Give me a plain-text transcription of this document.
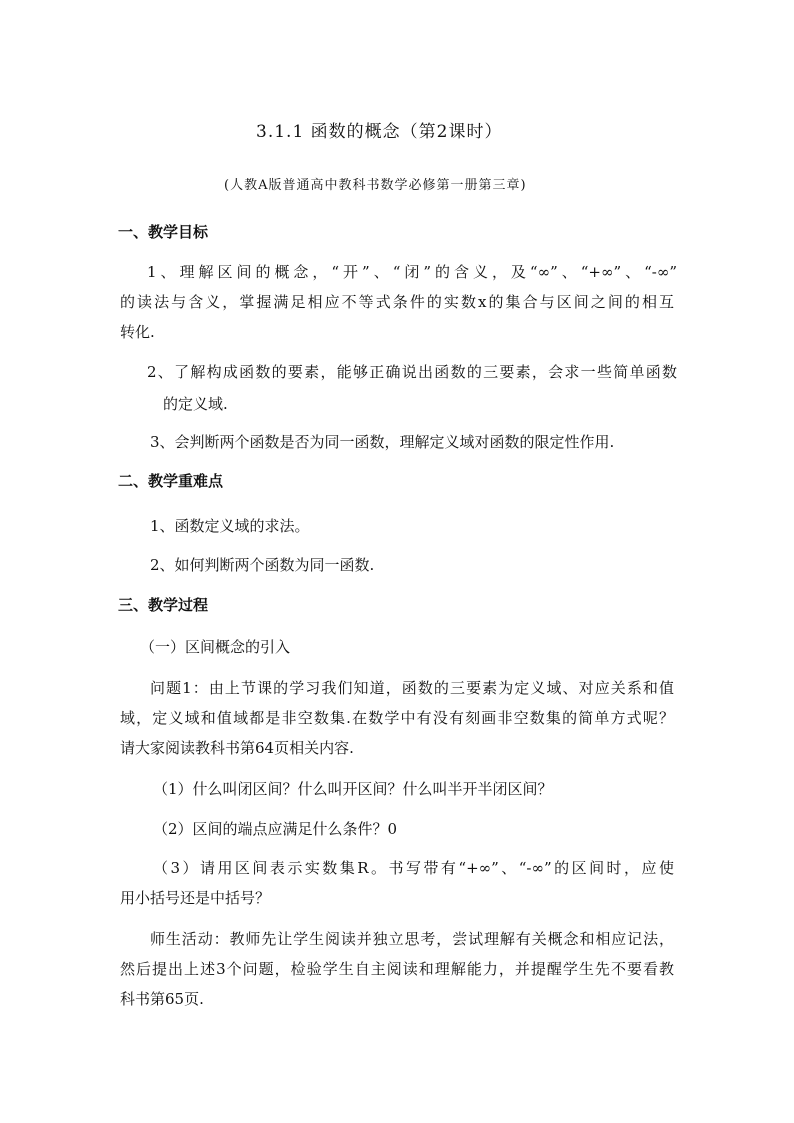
3.1.1 函数的概念（第2课时）
(人教A版普通高中教科书数学必修第一册第三章)
一、教学目标
1、理解区间的概念，“开”、“闭”的含义，及“∞”、“+∞”、“-∞”
的读法与含义，掌握满足相应不等式条件的实数x的集合与区间之间的相互
转化.
2、了解构成函数的要素，能够正确说出函数的三要素，会求一些简单函数
的定义域.
3、会判断两个函数是否为同一函数，理解定义域对函数的限定性作用.
二、教学重难点
1、函数定义域的求法。
2、如何判断两个函数为同一函数.
三、教学过程
（一）区间概念的引入
问题1：由上节课的学习我们知道，函数的三要素为定义域、对应关系和值
域，定义域和值域都是非空数集.在数学中有没有刻画非空数集的简单方式呢？
请大家阅读教科书第64页相关内容.
（1）什么叫闭区间？什么叫开区间？什么叫半开半闭区间？
（2）区间的端点应满足什么条件？0
（3）请用区间表示实数集R。书写带有“+∞”、“-∞”的区间时，应使
用小括号还是中括号？
师生活动：教师先让学生阅读并独立思考，尝试理解有关概念和相应记法，
然后提出上述3个问题，检验学生自主阅读和理解能力，并提醒学生先不要看教
科书第65页.
